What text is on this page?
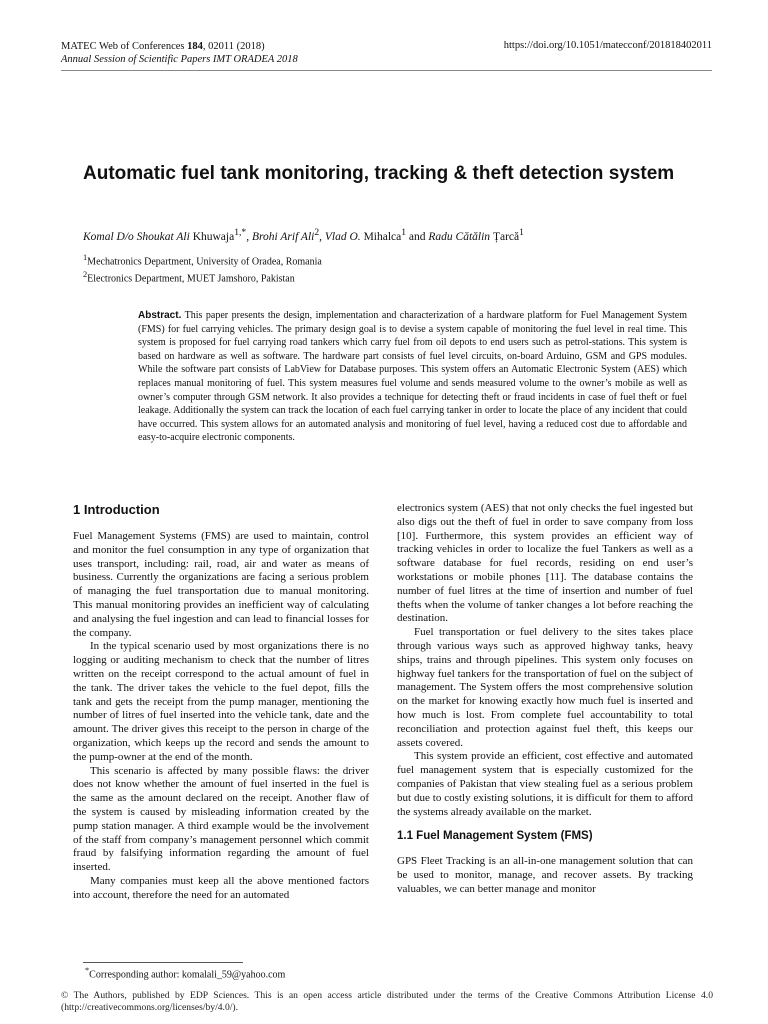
MATEC Web of Conferences 184, 02011 (2018)
Annual Session of Scientific Papers IMT ORADEA 2018
https://doi.org/10.1051/matecconf/201818402011
Automatic fuel tank monitoring, tracking & theft detection system
Komal D/o Shoukat Ali Khuwaja$^{1,*}$, Brohi Arif Ali$^2$, Vlad O. Mihalca$^1$ and Radu Cătălin Țarcă$^1$
$^1$Mechatronics Department, University of Oradea, Romania
$^2$Electronics Department, MUET Jamshoro, Pakistan
Abstract. This paper presents the design, implementation and characterization of a hardware platform for Fuel Management System (FMS) for fuel carrying vehicles. The primary design goal is to devise a system capable of monitoring the fuel level in real time. This system is proposed for fuel carrying road tankers which carry fuel from oil depots to end users such as petrol-stations. This system is based on hardware as well as software. The hardware part consists of fuel level circuits, on-board Arduino, GSM and GPS modules. While the software part consists of LabView for Database purposes. This system offers an Automatic Electronic System (AES) which replaces manual monitoring of fuel. This system measures fuel volume and sends measured volume to the owner’s mobile as well as owner’s computer through GSM network. It also provides a technique for detecting theft or fraud incidents in case of fuel theft or fuel leakage. Additionally the system can track the location of each fuel carrying tanker in order to locate the place of any incident that could have occurred. This system allows for an automated analysis and monitoring of fuel level, having a reduced cost due to affordable and easy-to-acquire electronic components.
1 Introduction

Fuel Management Systems (FMS) are used to maintain, control and monitor the fuel consumption in any type of organization that uses transport, including: rail, road, air and water as means of business. Currently the organizations are facing a serious problem of managing the fuel transportation due to manual monitoring. This manual monitoring provides an inefficient way of calculating and analysing the fuel ingestion and can lead to financial losses for the company.

In the typical scenario used by most organizations there is no logging or auditing mechanism to check that the number of litres written on the receipt correspond to the actual amount of fuel in the tank. The driver takes the vehicle to the fuel depot, fills the tank and gets the receipt from the pump manager, mentioning the number of litres of fuel inserted into the vehicle tank, date and the amount. The driver gives this receipt to the person in charge of the organization, which keeps up the record and sends the amount to the pump-owner at the end of the month.

This scenario is affected by many possible flaws: the driver does not know whether the amount of fuel inserted in the fuel is the same as the amount declared on the receipt. Another flaw of the system is caused by misleading information created by the pump station manager. A third example would be the involvement of the staff from company’s management personnel which commit fraud by falsifying information regarding the amount of fuel inserted.

Many companies must keep all the above mentioned factors into account, therefore the need for an automated

electronics system (AES) that not only checks the fuel ingested but also digs out the theft of fuel in order to save company from loss [10]. Furthermore, this system provides an efficient way of tracking vehicles in order to localize the fuel Tankers as well as a software database for fuel records, residing on end user’s workstations or mobile phones [11]. The database contains the number of fuel litres at the time of insertion and number of fuel thefts when the volume of tanker changes a lot before reaching the destination.

Fuel transportation or fuel delivery to the sites takes place through various ways such as approved highway tanks, heavy ships, trains and through pipelines. This system only focuses on highway fuel tankers for the transportation of fuel on the subject of management. The System offers the most comprehensive solution on the market for knowing exactly how much fuel is inserted and how much is lost. From complete fuel accountability to total reconciliation and protection against fuel theft, this keeps our assets covered.

This system provide an efficient, cost effective and automated fuel management system that is especially customized for the companies of Pakistan that view stealing fuel as a serious problem but due to costly existing solutions, it is difficult for them to afford the systems already available on the market.

1.1 Fuel Management System (FMS)

GPS Fleet Tracking is an all-in-one management solution that can be used to monitor, manage, and recover assets. By tracking valuables, we can better manage and monitor

*Corresponding author: komalali_59@yahoo.com
© The Authors, published by EDP Sciences. This is an open access article distributed under the terms of the Creative Commons Attribution License 4.0 (http://creativecommons.org/licenses/by/4.0/).
